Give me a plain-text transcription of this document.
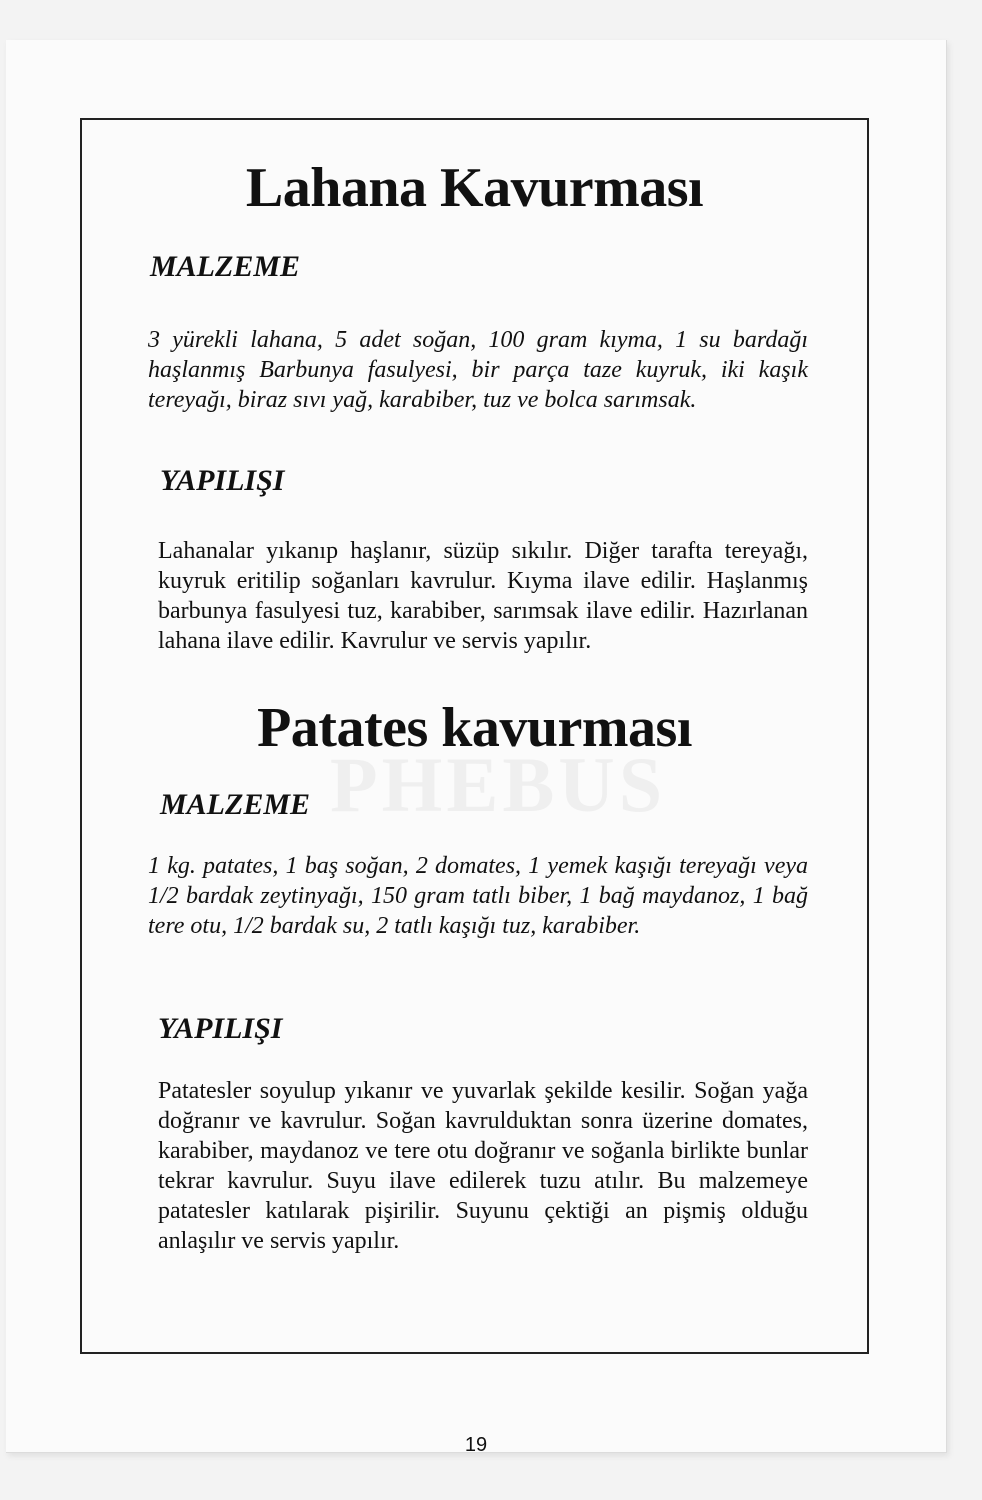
19
PHEBUS
Lahana Kavurması
MALZEME
3 yürekli lahana, 5 adet soğan, 100 gram kıyma, 1 su bardağı haşlanmış Barbunya fasulyesi, bir parça taze kuyruk, iki kaşık tereyağı, biraz sıvı yağ, karabiber, tuz ve bolca sarımsak.
YAPILIŞI
Lahanalar yıkanıp haşlanır, süzüp sıkılır. Diğer tarafta tereyağı, kuyruk eritilip soğanları kavrulur. Kıyma ilave edilir. Haşlanmış barbunya fasulyesi tuz, karabiber, sarımsak ilave edilir. Hazırlanan lahana ilave edilir. Kavrulur ve servis yapılır.
Patates kavurması
MALZEME
1 kg. patates, 1 baş soğan, 2 domates, 1 yemek kaşığı tereyağı veya 1/2 bardak zeytinyağı, 150 gram tatlı biber, 1 bağ maydanoz, 1 bağ tere otu, 1/2 bardak su, 2 tatlı kaşığı tuz, karabiber.
YAPILIŞI
Patatesler soyulup yıkanır ve yuvarlak şekilde kesilir. Soğan yağa doğranır ve kavrulur. Soğan kavrulduktan sonra üzerine domates, karabiber, maydanoz ve tere otu doğranır ve soğanla birlikte bunlar tekrar kavrulur. Suyu ilave edilerek tuzu atılır. Bu malzemeye patatesler katılarak pişirilir. Suyunu çektiği an pişmiş olduğu anlaşılır ve servis yapılır.
